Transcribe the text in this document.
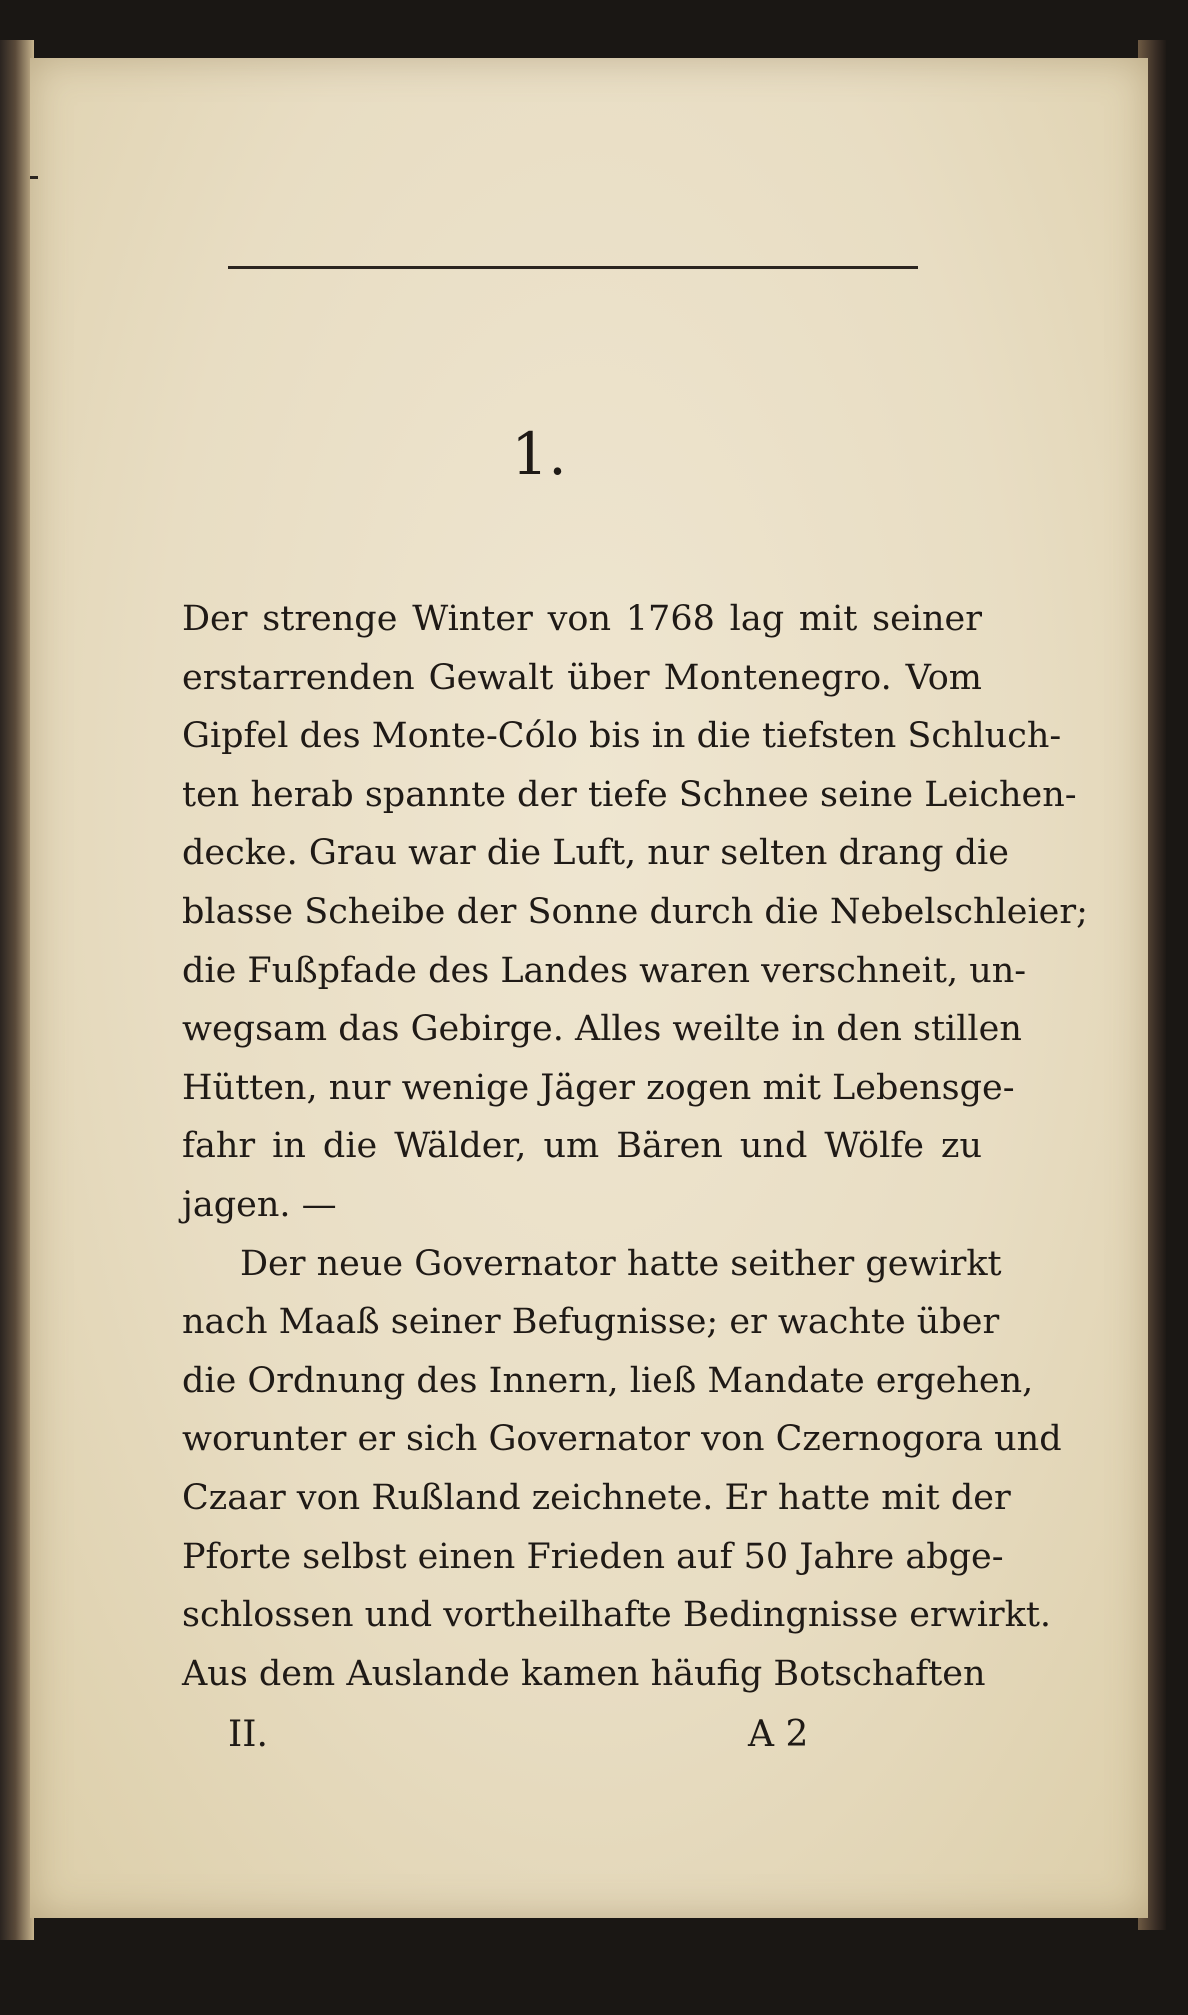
1.
Der strenge Winter von 1768 lag mit seiner
erstarrenden Gewalt über Montenegro. Vom
Gipfel des Monte-Cólo bis in die tiefsten Schluch-
ten herab spannte der tiefe Schnee seine Leichen-
decke. Grau war die Luft, nur selten drang die
blasse Scheibe der Sonne durch die Nebelschleier;
die Fußpfade des Landes waren verschneit, un-
wegsam das Gebirge. Alles weilte in den stillen
Hütten, nur wenige Jäger zogen mit Lebensge-
fahr in die Wälder, um Bären und Wölfe zu
jagen. —
Der neue Governator hatte seither gewirkt
nach Maaß seiner Befugnisse; er wachte über
die Ordnung des Innern, ließ Mandate ergehen,
worunter er sich Governator von Czernogora und
Czaar von Rußland zeichnete. Er hatte mit der
Pforte selbst einen Frieden auf 50 Jahre abge-
schlossen und vortheilhafte Bedingnisse erwirkt.
Aus dem Auslande kamen häufig Botschaften
II.	A 2
